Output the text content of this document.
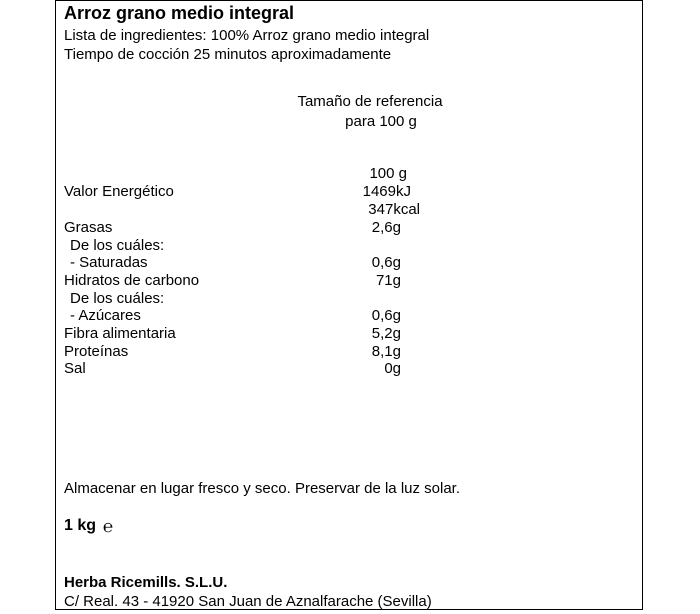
Arroz grano medio integral
Lista de ingredientes: 100% Arroz grano medio integral
Tiempo de cocción 25 minutos aproximadamente
Tamaño de referencia
para 100 g
100 g
Valor Energético	1469kJ
347kcal
Grasas	2,6g
De los cuáles:
- Saturadas	0,6g
Hidratos de carbono	71g
De los cuáles:
- Azúcares	0,6g
Fibra alimentaria	5,2g
Proteínas	8,1g
Sal	0g
Almacenar en lugar fresco y seco. Preservar de la luz solar.
1 kg ℮
Herba Ricemills. S.L.U.
C/ Real. 43 - 41920 San Juan de Aznalfarache (Sevilla)
